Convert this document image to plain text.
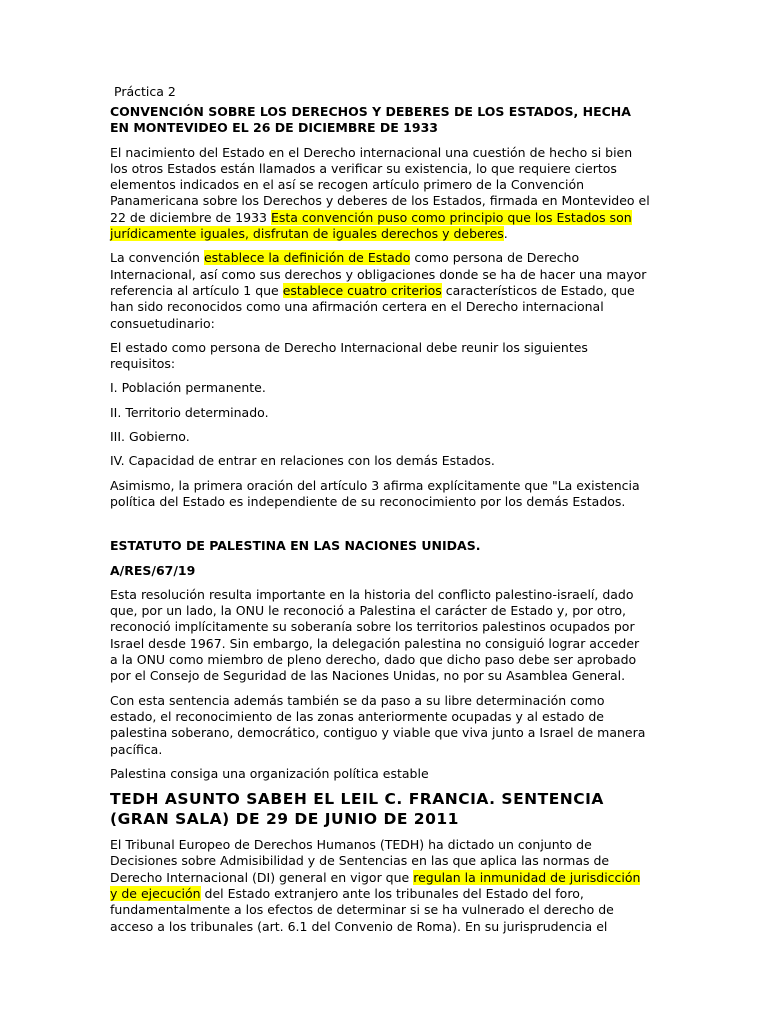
Práctica 2
CONVENCIÓN SOBRE LOS DERECHOS Y DEBERES DE LOS ESTADOS, HECHA EN MONTEVIDEO EL 26 DE DICIEMBRE DE 1933

El nacimiento del Estado en el Derecho internacional una cuestión de hecho si bien los otros Estados están llamados a verificar su existencia, lo que requiere ciertos elementos indicados en el así se recogen artículo primero de la Convención Panamericana sobre los Derechos y deberes de los Estados, firmada en Montevideo el 22 de diciembre de 1933 Esta convención puso como principio que los Estados son jurídicamente iguales, disfrutan de iguales derechos y deberes.

La convención establece la definición de Estado como persona de Derecho Internacional, así como sus derechos y obligaciones donde se ha de hacer una mayor referencia al artículo 1 que establece cuatro criterios característicos de Estado, que han sido reconocidos como una afirmación certera en el Derecho internacional consuetudinario:

El estado como persona de Derecho Internacional debe reunir los siguientes requisitos:

I. Población permanente.

II. Territorio determinado.

III. Gobierno.

IV. Capacidad de entrar en relaciones con los demás Estados.

Asimismo, la primera oración del artículo 3 afirma explícitamente que "La existencia política del Estado es independiente de su reconocimiento por los demás Estados.

ESTATUTO DE PALESTINA EN LAS NACIONES UNIDAS.
A/RES/67/19

Esta resolución resulta importante en la historia del conflicto palestino-israelí, dado que, por un lado, la ONU le reconoció a Palestina el carácter de Estado y, por otro, reconoció implícitamente su soberanía sobre los territorios palestinos ocupados por Israel desde 1967. Sin embargo, la delegación palestina no consiguió lograr acceder a la ONU como miembro de pleno derecho, dado que dicho paso debe ser aprobado por el Consejo de Seguridad de las Naciones Unidas, no por su Asamblea General.

Con esta sentencia además también se da paso a su libre determinación como estado, el reconocimiento de las zonas anteriormente ocupadas y al estado de palestina soberano, democrático, contiguo y viable que viva junto a Israel de manera pacífica.

Palestina consiga una organización política estable

TEDH ASUNTO SABEH EL LEIL C. FRANCIA. SENTENCIA (GRAN SALA) DE 29 DE JUNIO DE 2011

El Tribunal Europeo de Derechos Humanos (TEDH) ha dictado un conjunto de Decisiones sobre Admisibilidad y de Sentencias en las que aplica las normas de Derecho Internacional (DI) general en vigor que regulan la inmunidad de jurisdicción y de ejecución del Estado extranjero ante los tribunales del Estado del foro, fundamentalmente a los efectos de determinar si se ha vulnerado el derecho de acceso a los tribunales (art. 6.1 del Convenio de Roma). En su jurisprudencia el
